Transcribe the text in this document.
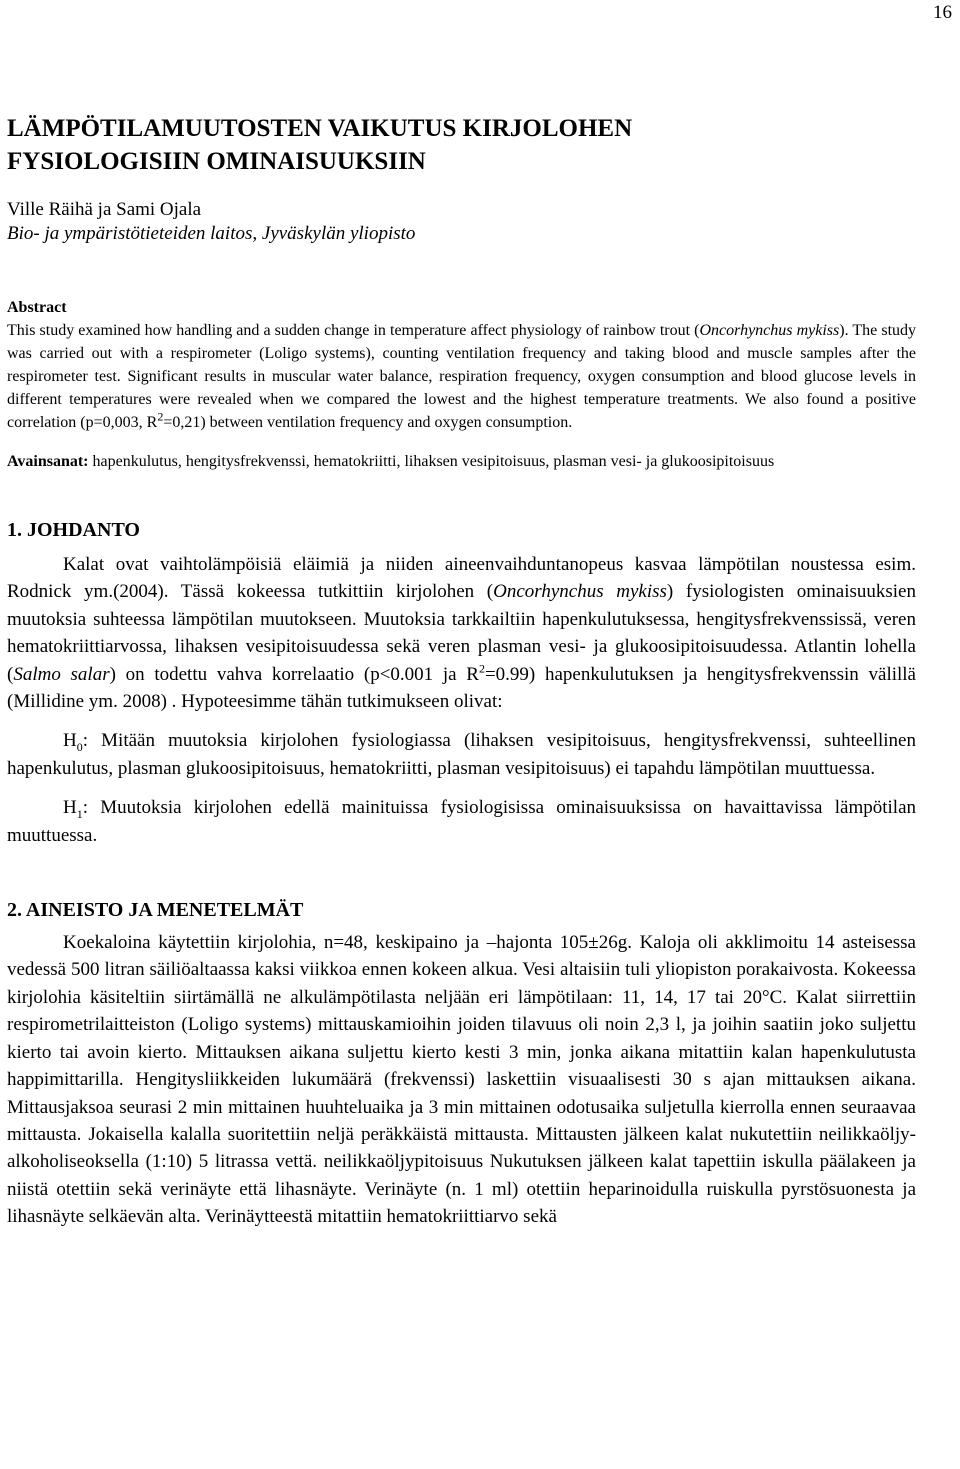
16
LÄMPÖTILAMUUTOSTEN VAIKUTUS KIRJOLOHEN
FYSIOLOGISIIN OMINAISUUKSIIN
Ville Räihä ja Sami Ojala
Bio- ja ympäristötieteiden laitos, Jyväskylän yliopisto
Abstract

This study examined how handling and a sudden change in temperature affect physiology of rainbow trout (Oncorhynchus mykiss). The study was carried out with a respirometer (Loligo systems), counting ventilation frequency and taking blood and muscle samples after the respirometer test. Significant results in muscular water balance, respiration frequency, oxygen consumption and blood glucose levels in different temperatures were revealed when we compared the lowest and the highest temperature treatments. We also found a positive correlation (p=0,003, $R^2=0,21$) between ventilation frequency and oxygen consumption.

Avainsanat: hapenkulutus, hengitysfrekvenssi, hematokriitti, lihaksen vesipitoisuus, plasman vesi- ja glukoosipitoisuus
1. JOHDANTO

Kalat ovat vaihtolämpöisiä eläimiä ja niiden aineenvaihduntanopeus kasvaa lämpötilan noustessa esim. Rodnick ym.(2004). Tässä kokeessa tutkittiin kirjolohen (Oncorhynchus mykiss) fysiologisten ominaisuuksien muutoksia suhteessa lämpötilan muutokseen. Muutoksia tarkkailtiin hapenkulutuksessa, hengitysfrekvenssissä, veren hematokriittiarvossa, lihaksen vesipitoisuudessa sekä veren plasman vesi- ja glukoosipitoisuudessa. Atlantin lohella (Salmo salar) on todettu vahva korrelaatio (p<0.001 ja $R^2=0.99$) hapenkulutuksen ja hengitysfrekvenssin välillä (Millidine ym. 2008) . Hypoteesimme tähän tutkimukseen olivat:

$H_0$: Mitään muutoksia kirjolohen fysiologiassa (lihaksen vesipitoisuus, hengitysfrekvenssi, suhteellinen hapenkulutus, plasman glukoosipitoisuus, hematokriitti, plasman vesipitoisuus) ei tapahdu lämpötilan muuttuessa.

$H_1$: Muutoksia kirjolohen edellä mainituissa fysiologisissa ominaisuuksissa on havaittavissa lämpötilan muuttuessa.

2. AINEISTO JA MENETELMÄT

Koekaloina käytettiin kirjolohia, n=48, keskipaino ja –hajonta 105±26g. Kaloja oli akklimoitu 14 asteisessa vedessä 500 litran säiliöaltaassa kaksi viikkoa ennen kokeen alkua. Vesi altaisiin tuli yliopiston porakaivosta. Kokeessa kirjolohia käsiteltiin siirtämällä ne alkulämpötilasta neljään eri lämpötilaan: 11, 14, 17 tai 20°C. Kalat siirrettiin respirometrilaitteiston (Loligo systems) mittauskamioihin joiden tilavuus oli noin 2,3 l, ja joihin saatiin joko suljettu kierto tai avoin kierto. Mittauksen aikana suljettu kierto kesti 3 min, jonka aikana mitattiin kalan hapenkulutusta happimittarilla. Hengitysliikkeiden lukumäärä (frekvenssi) laskettiin visuaalisesti 30 s ajan mittauksen aikana. Mittausjaksoa seurasi 2 min mittainen huuhteluaika ja 3 min mittainen odotusaika suljetulla kierrolla ennen seuraavaa mittausta. Jokaisella kalalla suoritettiin neljä peräkkäistä mittausta. Mittausten jälkeen kalat nukutettiin neilikkaöljy-alkoholiseoksella (1:10) 5 litrassa vettä. neilikkaöljypitoisuus Nukutuksen jälkeen kalat tapettiin iskulla päälakeen ja niistä otettiin sekä verinäyte että lihasnäyte. Verinäyte (n. 1 ml) otettiin heparinoidulla ruiskulla pyrstösuonesta ja lihasnäyte selkäevän alta. Verinäytteestä mitattiin hematokriittiarvo sekä
